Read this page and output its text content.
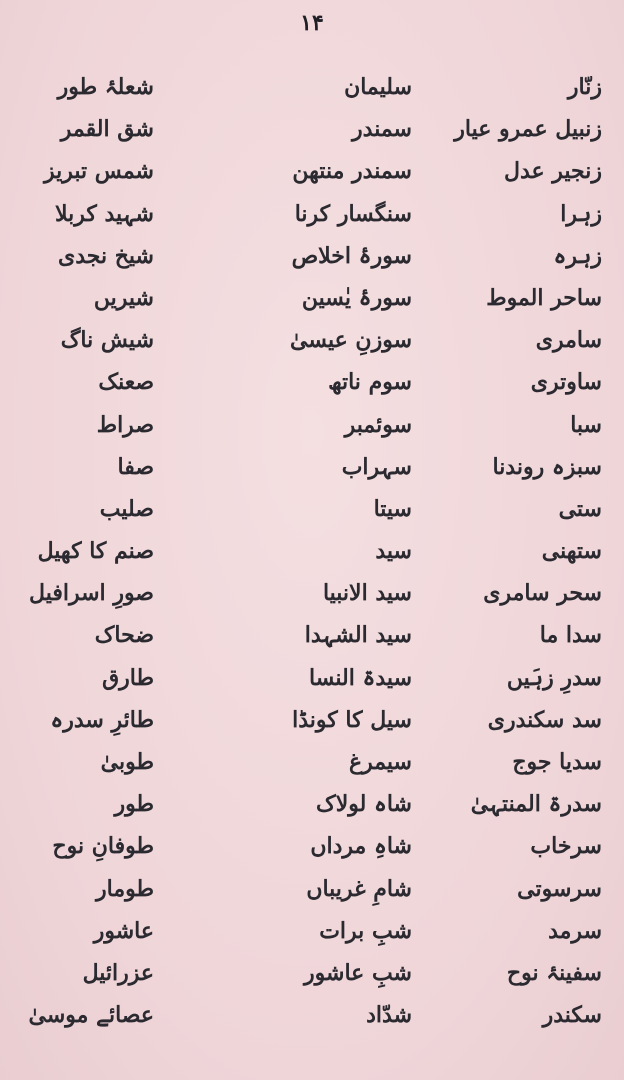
۱۴
زنّار
زنبیل عمرو عیار
زنجیر عدل
زہرا
زہرہ
ساحر الموط
سامری
ساوتری
سبا
سبزہ روندنا
ستی
ستھنی
سحر سامری
سدا ما
سدرِ زہَیں
سد سکندری
سدیا جوج
سدرۃ المنتہیٰ
سرخاب
سرسوتی
سرمد
سفینۂ نوح
سکندر
سلیمان
سمندر
سمندر منتھن
سنگسار کرنا
سورۂ اخلاص
سورۂ یٰسین
سوزنِ عیسیٰ
سوم ناتھ
سوئمبر
سہراب
سیتا
سید
سید الانبیا
سید الشہدا
سیدۃ النسا
سیل کا کونڈا
سیمرغ
شاہ لولاک
شاہِ مرداں
شامِ غریباں
شبِ برات
شبِ عاشور
شدّاد
شعلۂ طور
شق القمر
شمس تبریز
شہید کربلا
شیخ نجدی
شیریں
شیش ناگ
صعنک
صراط
صفا
صلیب
صنم کا کھیل
صورِ اسرافیل
ضحاک
طارق
طائرِ سدرہ
طوبیٰ
طور
طوفانِ نوح
طومار
عاشور
عزرائیل
عصائے موسیٰ
